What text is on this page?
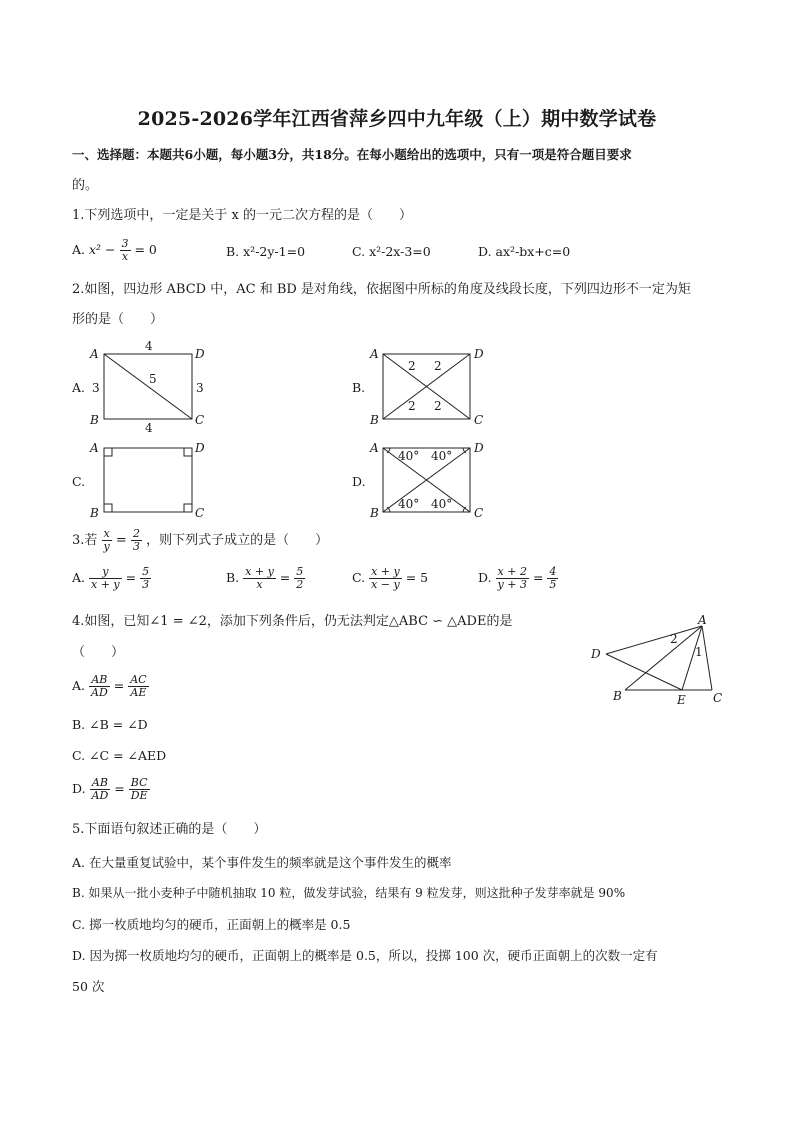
2025-2026学年江西省萍乡四中九年级（上）期中数学试卷
一、选择题：本题共6小题，每小题3分，共18分。在每小题给出的选项中，只有一项是符合题目要求
的。
1.下列选项中，一定是关于 x 的一元二次方程的是（　　）
A. $x^2 - \frac{3}{x} = 0$	B. x²-2y-1=0	C. x²-2x-3=0	D. ax²-bx+c=0
2.如图，四边形 ABCD 中，AC 和 BD 是对角线，依据图中所标的角度及线段长度，下列四边形不一定为矩
形的是（　　）
A.	B.
C.	D.
A	D
B	C
A	D
B	C
A	D
B	C
A	D
B	C
A
D
B	E C
4
4
3	3
5
2 2
2 2
40° 40°
40° 40°
2
1
3.若 $\frac{x}{y} = \frac{2}{3}$ ，则下列式子成立的是（　　）
A. $\frac{y}{x + y} = \frac{5}{3}$	B. $\frac{x + y}{x} = \frac{5}{2}$	C. $\frac{x + y}{x - y} = 5$	D. $\frac{x + 2}{y + 3} = \frac{4}{5}$
4.如图，已知∠1 = ∠2，添加下列条件后，仍无法判定△ABC ∽ △ADE的是
（　　）
A. $\frac{AB}{AD} = \frac{AC}{AE}$
B. ∠B = ∠D
C. ∠C = ∠AED
D. $\frac{AB}{AD} = \frac{BC}{DE}$
5.下面语句叙述正确的是（　　）
A. 在大量重复试验中，某个事件发生的频率就是这个事件发生的概率
B. 如果从一批小麦种子中随机抽取 10 粒，做发芽试验，结果有 9 粒发芽，则这批种子发芽率就是 90%
C. 掷一枚质地均匀的硬币，正面朝上的概率是 0.5
D. 因为掷一枚质地均匀的硬币，正面朝上的概率是 0.5，所以，投掷 100 次，硬币正面朝上的次数一定有
50 次
